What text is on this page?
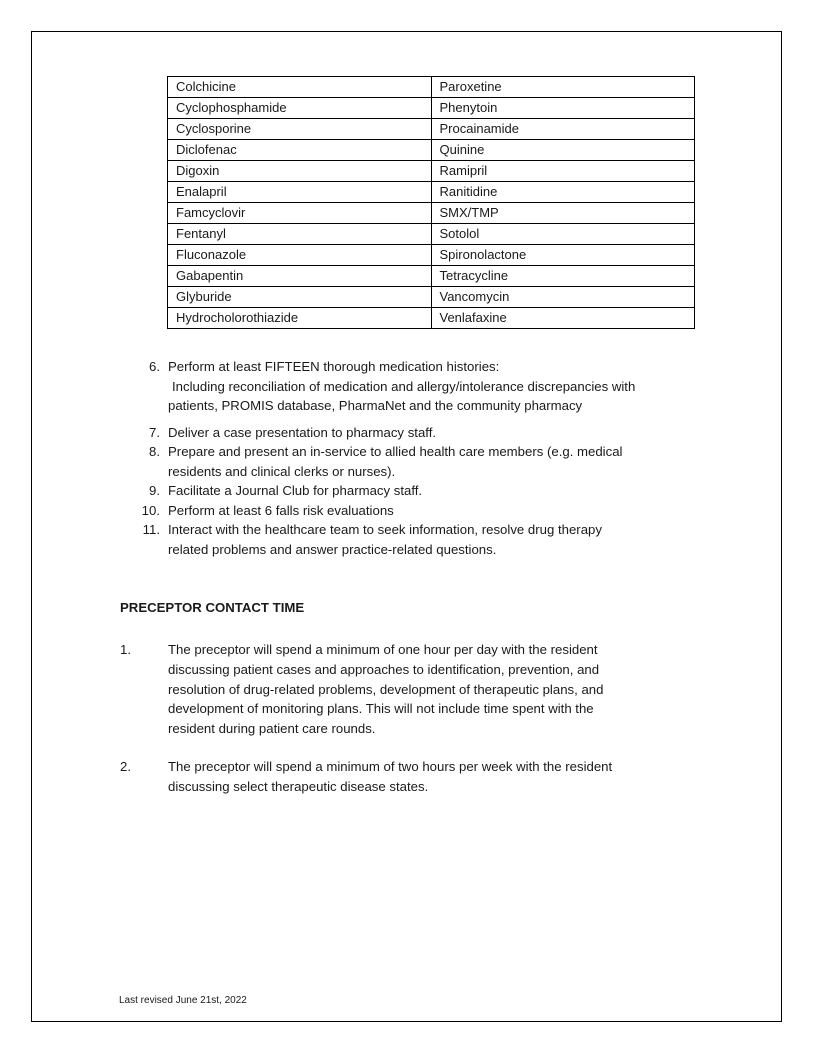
Colchicine	Paroxetine
Cyclophosphamide	Phenytoin
Cyclosporine	Procainamide
Diclofenac	Quinine
Digoxin	Ramipril
Enalapril	Ranitidine
Famcyclovir	SMX/TMP
Fentanyl	Sotolol
Fluconazole	Spironolactone
Gabapentin	Tetracycline
Glyburide	Vancomycin
Hydrocholorothiazide	Venlafaxine
6. Perform at least FIFTEEN thorough medication histories:
Including reconciliation of medication and allergy/intolerance discrepancies with
patients, PROMIS database, PharmaNet and the community pharmacy
7. Deliver a case presentation to pharmacy staff.
8. Prepare and present an in-service to allied health care members (e.g. medical
residents and clinical clerks or nurses).
9. Facilitate a Journal Club for pharmacy staff.
10. Perform at least 6 falls risk evaluations
11. Interact with the healthcare team to seek information, resolve drug therapy
related problems and answer practice-related questions.
PRECEPTOR CONTACT TIME
1.	The preceptor will spend a minimum of one hour per day with the resident
discussing patient cases and approaches to identification, prevention, and
resolution of drug-related problems, development of therapeutic plans, and
development of monitoring plans. This will not include time spent with the
resident during patient care rounds.
2.	The preceptor will spend a minimum of two hours per week with the resident
discussing select therapeutic disease states.
Last revised June 21st, 2022
